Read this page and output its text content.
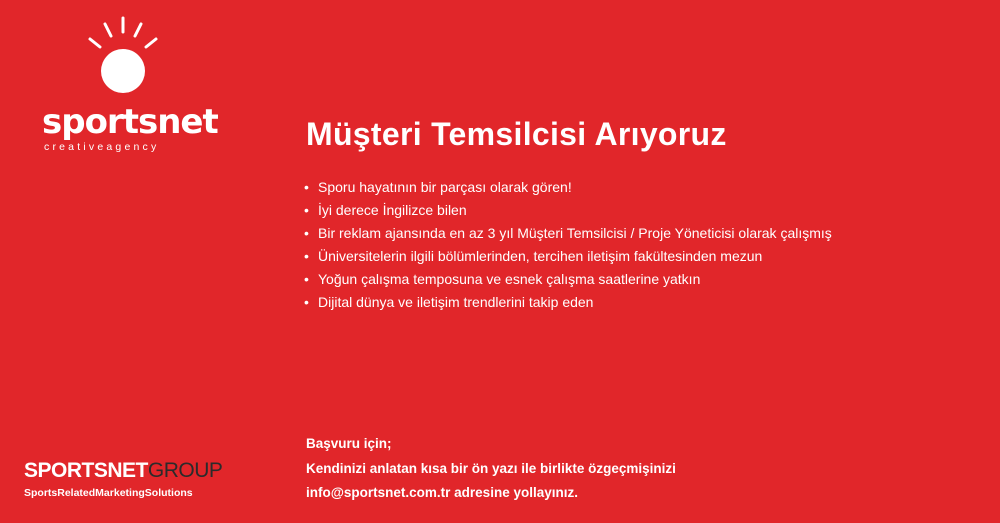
sportsnet
creativeagency	Müşteri Temsilcisi Arıyoruz
• Sporu hayatının bir parçası olarak gören!
• İyi derece İngilizce bilen
• Bir reklam ajansında en az 3 yıl Müşteri Temsilcisi / Proje Yöneticisi olarak çalışmış
• Üniversitelerin ilgili bölümlerinden, tercihen iletişim fakültesinden mezun
• Yoğun çalışma temposuna ve esnek çalışma saatlerine yatkın
• Dijital dünya ve iletişim trendlerini takip eden
Başvuru için;
Kendinizi anlatan kısa bir ön yazı ile birlikte özgeçmişinizi
info@sportsnet.com.tr adresine yollayınız.
SPORTSNETGROUP
SportsRelatedMarketingSolutions
